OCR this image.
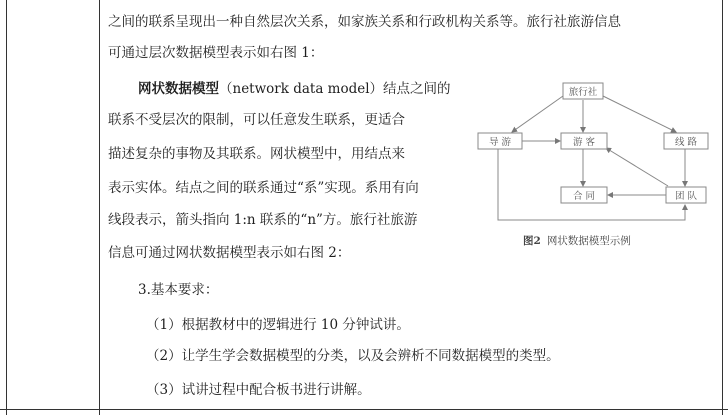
之间的联系呈现出一种自然层次关系，如家族关系和行政机构关系等。旅行社旅游信息
可通过层次数据模型表示如右图 1：
网状数据模型（network data model）结点之间的
联系不受层次的限制，可以任意发生联系，更适合
描述复杂的事物及其联系。网状模型中，用结点来
表示实体。结点之间的联系通过“系”实现。系用有向
线段表示，箭头指向 1:n 联系的“n”方。旅行社旅游
信息可通过网状数据模型表示如右图 2：
3.基本要求：
（1）根据教材中的逻辑进行 10 分钟试讲。
（2）让学生学会数据模型的分类，以及会辨析不同数据模型的类型。
（3）试讲过程中配合板书进行讲解。
旅行社
导 游	游 客	线 路
合 同	团 队
图2 网状数据模型示例
